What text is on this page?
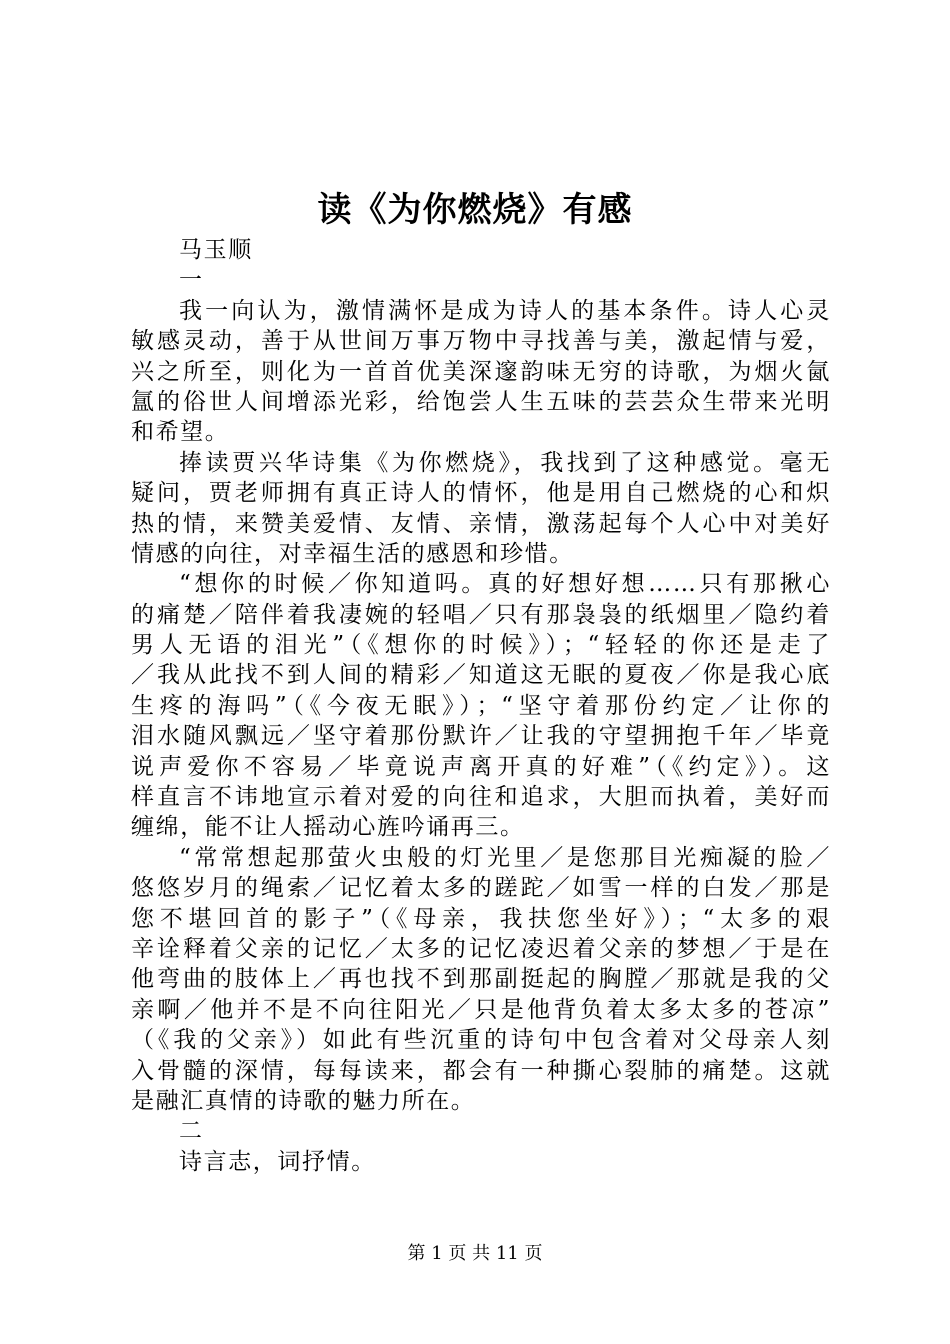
读《为你燃烧》有感
马玉顺
一
我一向认为，激情满怀是成为诗人的基本条件。诗人心灵
敏感灵动，善于从世间万事万物中寻找善与美，激起情与爱，
兴之所至，则化为一首首优美深邃韵味无穷的诗歌，为烟火氤
氲的俗世人间增添光彩，给饱尝人生五味的芸芸众生带来光明
和希望。
捧读贾兴华诗集《为你燃烧》，我找到了这种感觉。毫无
疑问，贾老师拥有真正诗人的情怀，他是用自己燃烧的心和炽
热的情，来赞美爱情、友情、亲情，激荡起每个人心中对美好
情感的向往，对幸福生活的感恩和珍惜。
“想你的时候／你知道吗。真的好想好想……只有那揪心
的痛楚／陪伴着我凄婉的轻唱／只有那袅袅的纸烟里／隐约着
男人无语的泪光”（《想你的时候》）；“轻轻的你还是走了
／我从此找不到人间的精彩／知道这无眠的夏夜／你是我心底
生疼的海吗”（《今夜无眠》）；“坚守着那份约定／让你的
泪水随风飘远／坚守着那份默许／让我的守望拥抱千年／毕竟
说声爱你不容易／毕竟说声离开真的好难”（《约定》）。这
样直言不讳地宣示着对爱的向往和追求，大胆而执着，美好而
缠绵，能不让人摇动心旌吟诵再三。
“常常想起那萤火虫般的灯光里／是您那目光痴凝的脸／
悠悠岁月的绳索／记忆着太多的蹉跎／如雪一样的白发／那是
您不堪回首的影子”（《母亲，我扶您坐好》）；“太多的艰
辛诠释着父亲的记忆／太多的记忆凌迟着父亲的梦想／于是在
他弯曲的肢体上／再也找不到那副挺起的胸膛／那就是我的父
亲啊／他并不是不向往阳光／只是他背负着太多太多的苍凉”
（《我的父亲》）如此有些沉重的诗句中包含着对父母亲人刻
入骨髓的深情，每每读来，都会有一种撕心裂肺的痛楚。这就
是融汇真情的诗歌的魅力所在。
二
诗言志，词抒情。
第 1 页 共 11 页
